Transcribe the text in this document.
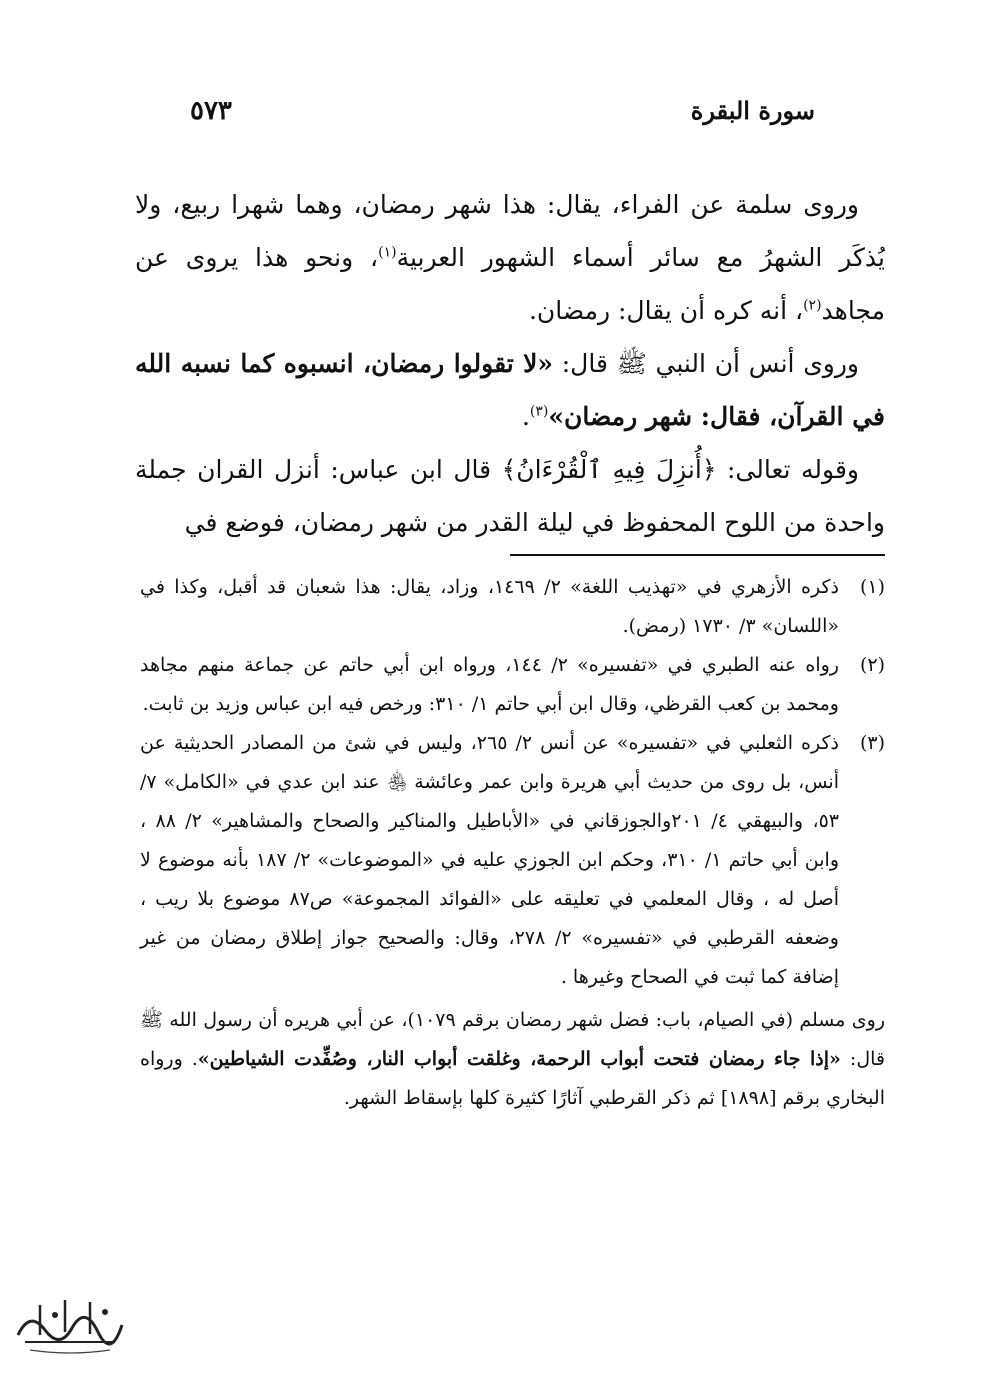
سورة البقرة
٥٧٣

وروى سلمة عن الفراء، يقال: هذا شهر رمضان، وهما شهرا ربيع، ولا يُذكَر الشهرُ مع سائر أسماء الشهور العربية$^{(١)}$، ونحو هذا يروى عن مجاهد$^{(٢)}$، أنه كره أن يقال: رمضان.

وروى أنس أن النبي ﷺ قال: «لا تقولوا رمضان، انسبوه كما نسبه الله في القرآن، فقال: شهر رمضان»$^{(٣)}$.

وقوله تعالى: ﴿أُنزِلَ فِيهِ ٱلْقُرْءَانُ﴾ قال ابن عباس: أنزل القران جملة واحدة من اللوح المحفوظ في ليلة القدر من شهر رمضان، فوضع في

(١)
ذكره الأزهري في «تهذيب اللغة» ٢/ ١٤٦٩، وزاد، يقال: هذا شعبان قد أقبل، وكذا في «اللسان» ٣/ ١٧٣٠ (رمض).

(٢)
رواه عنه الطبري في «تفسيره» ٢/ ١٤٤، ورواه ابن أبي حاتم عن جماعة منهم مجاهد ومحمد بن كعب القرظي، وقال ابن أبي حاتم ١/ ٣١٠: ورخص فيه ابن عباس وزيد بن ثابت.

(٣)
ذكره الثعلبي في «تفسيره» عن أنس ٢/ ٢٦٥، وليس في شئ من المصادر الحديثية عن أنس، بل روى من حديث أبي هريرة وابن عمر وعائشة ﵃ عند ابن عدي في «الكامل» ٧/ ٥٣، والبيهقي ٤/ ٢٠١والجوزقاني في «الأباطيل والمناكير والصحاح والمشاهير» ٢/ ٨٨ ، وابن أبي حاتم ١/ ٣١٠، وحكم ابن الجوزي عليه في «الموضوعات» ٢/ ١٨٧ بأنه موضوع لا أصل له ، وقال المعلمي في تعليقه على «الفوائد المجموعة» ص٨٧ موضوع بلا ريب ، وضعفه القرطبي في «تفسيره» ٢/ ٢٧٨، وقال: والصحيح جواز إطلاق رمضان من غير إضافة كما ثبت في الصحاح وغيرها .

روى مسلم (في الصيام، باب: فضل شهر رمضان برقم ١٠٧٩)، عن أبي هريره أن رسول الله ﷺ قال: «إذا جاء رمضان فتحت أبواب الرحمة، وغلقت أبواب النار، وصُفِّدت الشياطين». ورواه البخاري برقم [١٨٩٨] ثم ذكر القرطبي آثارًا كثيرة كلها بإسقاط الشهر.
